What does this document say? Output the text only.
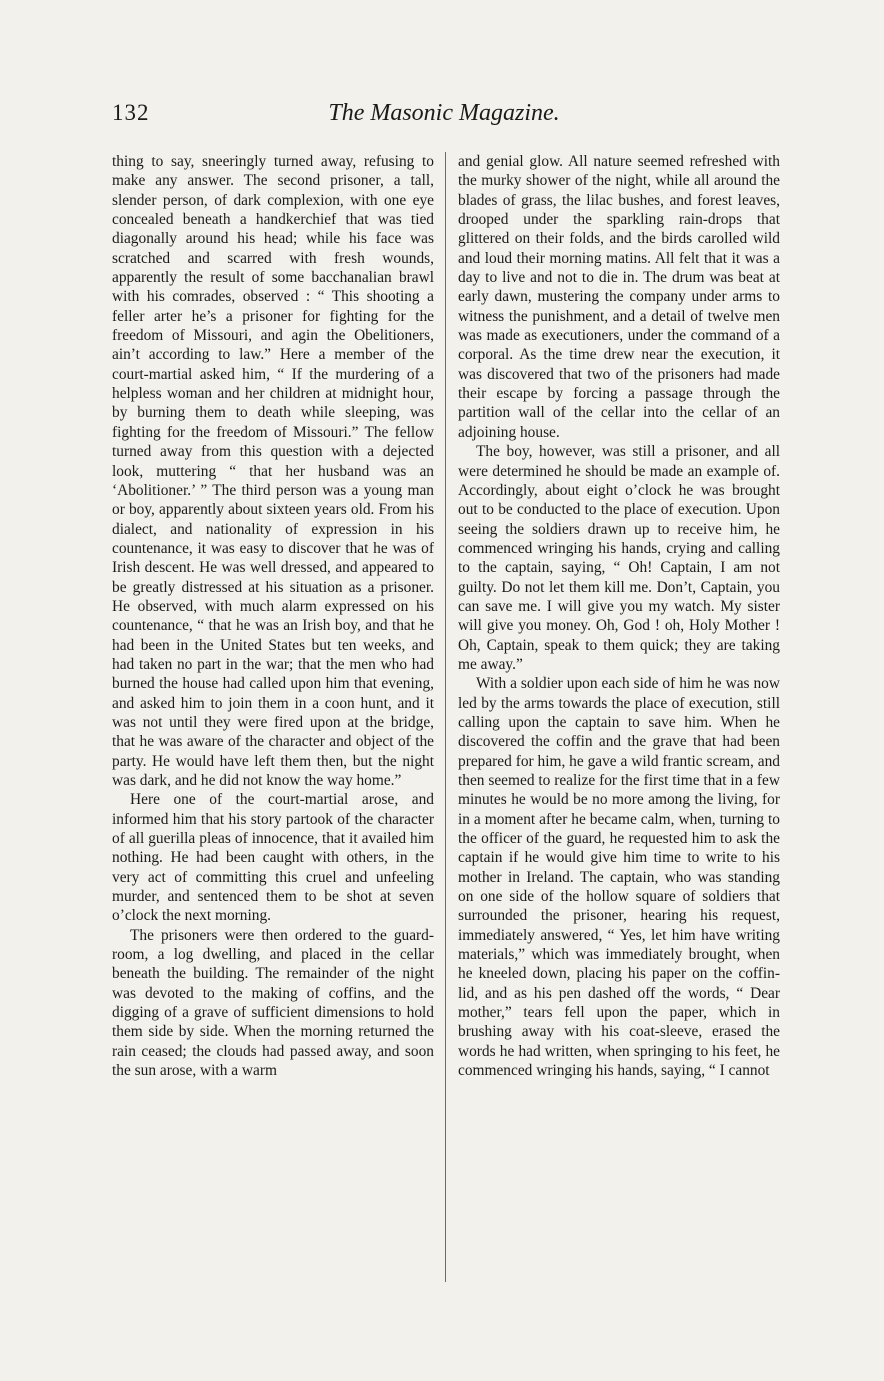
132	The Masonic Magazine.

thing to say, sneeringly turned away, refusing to make any answer. The second prisoner, a tall, slender person, of dark complexion, with one eye concealed beneath a handkerchief that was tied diagonally around his head; while his face was scratched and scarred with fresh wounds, apparently the result of some bacchanalian brawl with his comrades, observed : “ This shooting a feller arter he’s a prisoner for fighting for the freedom of Missouri, and agin the Obelitioners, ain’t according to law.” Here a member of the court-martial asked him, “ If the murdering of a helpless woman and her children at midnight hour, by burning them to death while sleeping, was fighting for the freedom of Missouri.” The fellow turned away from this question with a dejected look, muttering “ that her husband was an ‘Abolitioner.’ ” The third person was a young man or boy, apparently about sixteen years old. From his dialect, and nationality of expression in his countenance, it was easy to discover that he was of Irish descent. He was well dressed, and appeared to be greatly distressed at his situation as a prisoner. He observed, with much alarm expressed on his countenance, “ that he was an Irish boy, and that he had been in the United States but ten weeks, and had taken no part in the war; that the men who had burned the house had called upon him that evening, and asked him to join them in a coon hunt, and it was not until they were fired upon at the bridge, that he was aware of the character and object of the party. He would have left them then, but the night was dark, and he did not know the way home.”

Here one of the court-martial arose, and informed him that his story partook of the character of all guerilla pleas of innocence, that it availed him nothing. He had been caught with others, in the very act of committing this cruel and unfeeling murder, and sentenced them to be shot at seven o’clock the next morning.

The prisoners were then ordered to the guard-room, a log dwelling, and placed in the cellar beneath the building. The remainder of the night was devoted to the making of coffins, and the digging of a grave of sufficient dimensions to hold them side by side. When the morning returned the rain ceased; the clouds had passed away, and soon the sun arose, with a warm

and genial glow. All nature seemed refreshed with the murky shower of the night, while all around the blades of grass, the lilac bushes, and forest leaves, drooped under the sparkling rain-drops that glittered on their folds, and the birds carolled wild and loud their morning matins. All felt that it was a day to live and not to die in. The drum was beat at early dawn, mustering the company under arms to witness the punishment, and a detail of twelve men was made as executioners, under the command of a corporal. As the time drew near the execution, it was discovered that two of the prisoners had made their escape by forcing a passage through the partition wall of the cellar into the cellar of an adjoining house.

The boy, however, was still a prisoner, and all were determined he should be made an example of. Accordingly, about eight o’clock he was brought out to be conducted to the place of execution. Upon seeing the soldiers drawn up to receive him, he commenced wringing his hands, crying and calling to the captain, saying, “ Oh! Captain, I am not guilty. Do not let them kill me. Don’t, Captain, you can save me. I will give you my watch. My sister will give you money. Oh, God ! oh, Holy Mother ! Oh, Captain, speak to them quick; they are taking me away.”

With a soldier upon each side of him he was now led by the arms towards the place of execution, still calling upon the captain to save him. When he discovered the coffin and the grave that had been prepared for him, he gave a wild frantic scream, and then seemed to realize for the first time that in a few minutes he would be no more among the living, for in a moment after he became calm, when, turning to the officer of the guard, he requested him to ask the captain if he would give him time to write to his mother in Ireland. The captain, who was standing on one side of the hollow square of soldiers that surrounded the prisoner, hearing his request, immediately answered, “ Yes, let him have writing materials,” which was immediately brought, when he kneeled down, placing his paper on the coffin-lid, and as his pen dashed off the words, “ Dear mother,” tears fell upon the paper, which in brushing away with his coat-sleeve, erased the words he had written, when springing to his feet, he commenced wringing his hands, saying, “ I cannot
